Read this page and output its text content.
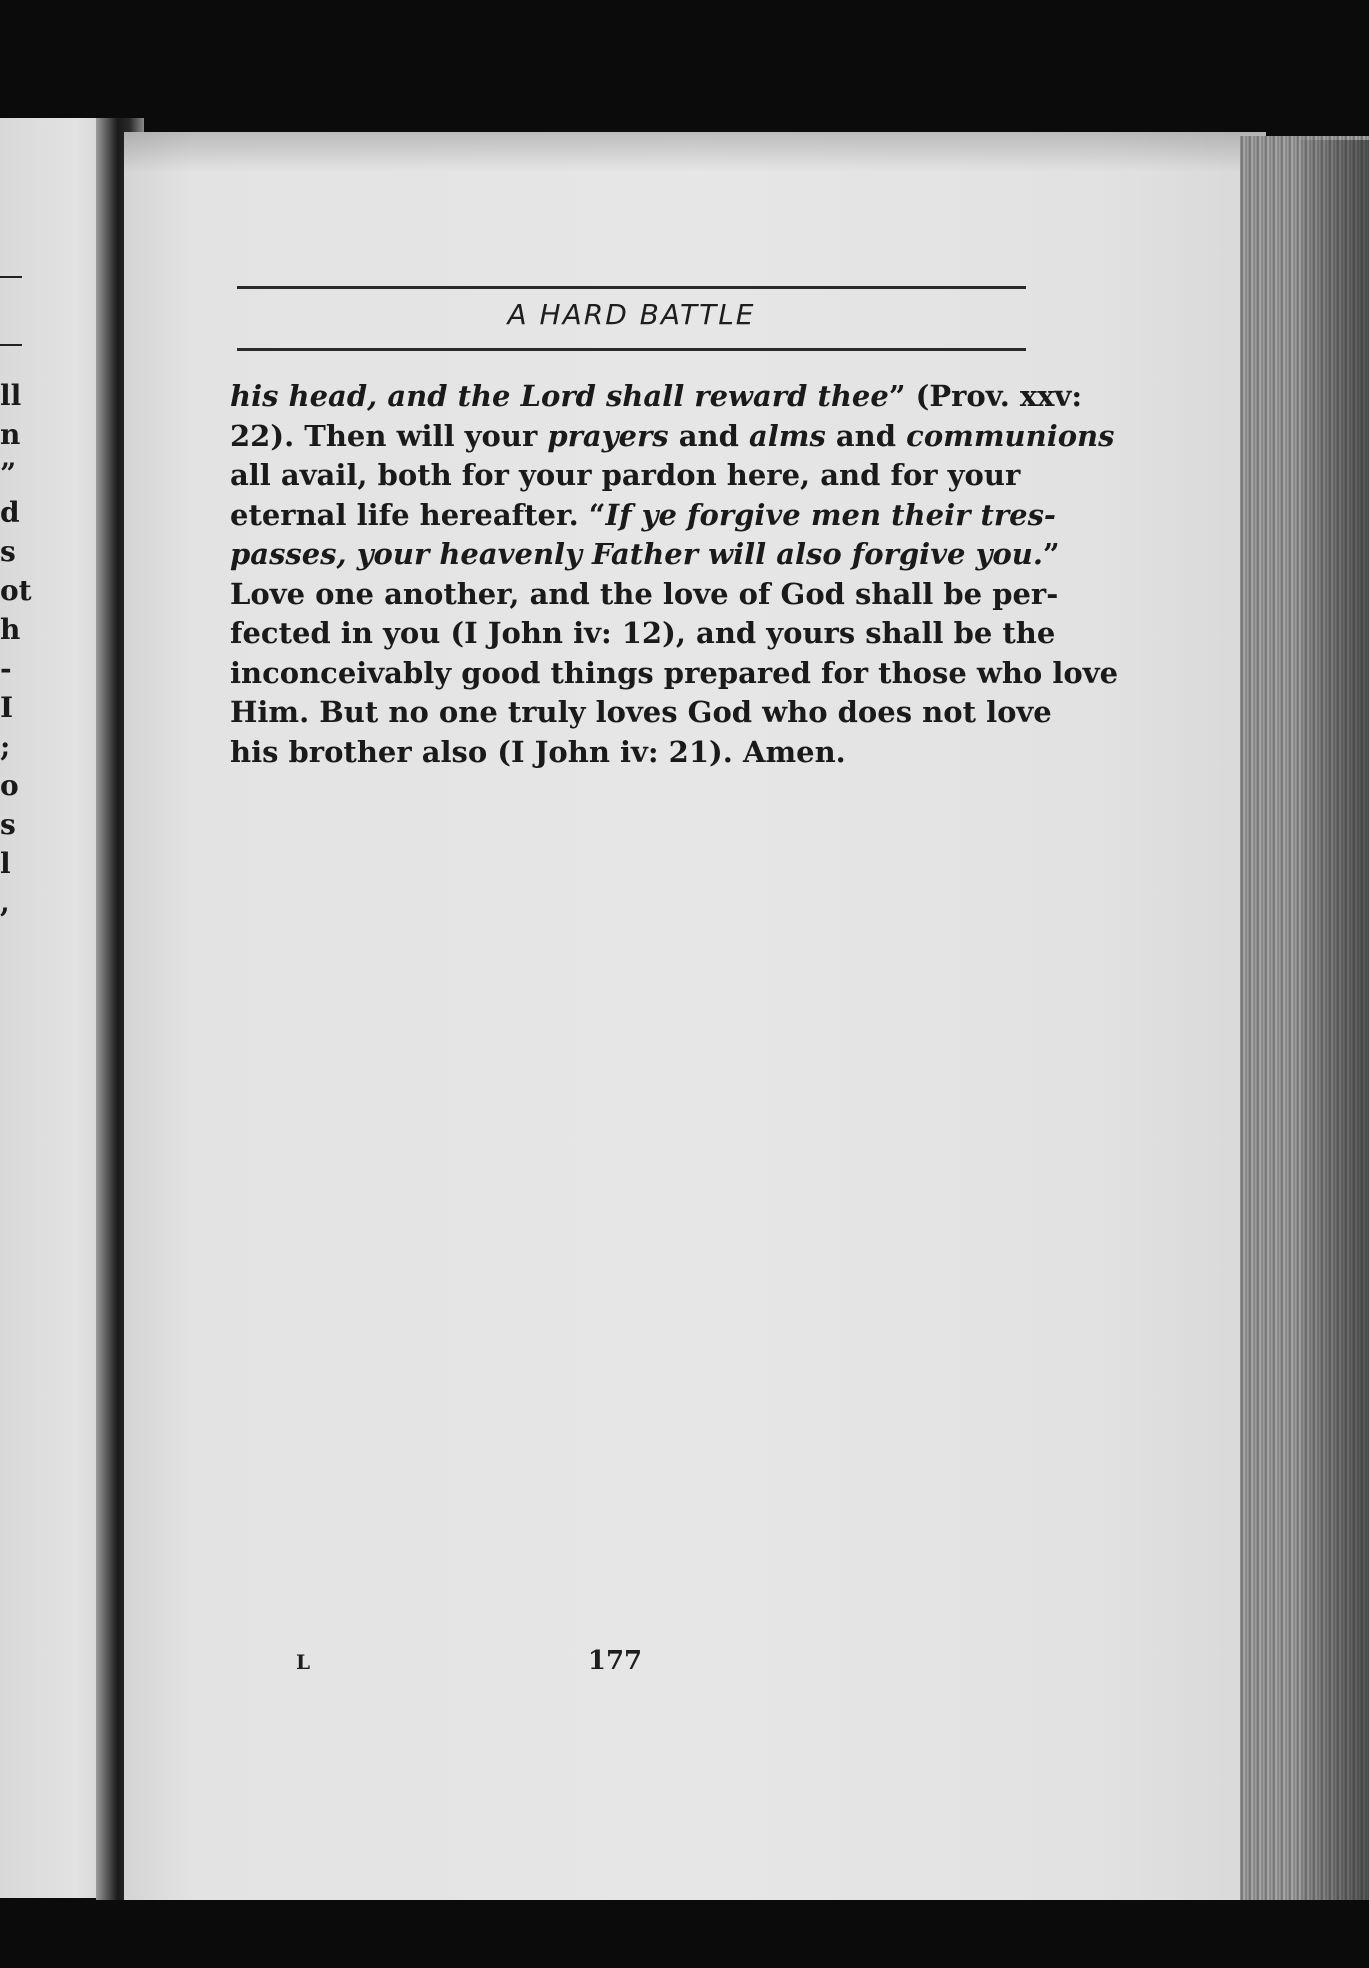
ll
n
”
d
s
ot
h
-
I
;
o
s
l
,
A HARD BATTLE
his head, and the Lord shall reward thee” (Prov. xxv:
22). Then will your prayers and alms and communions
all avail, both for your pardon here, and for your
eternal life hereafter. “If ye forgive men their tres-
passes, your heavenly Father will also forgive you.”
Love one another, and the love of God shall be per-
fected in you (I John iv: 12), and yours shall be the
inconceivably good things prepared for those who love
Him. But no one truly loves God who does not love
his brother also (I John iv: 21). Amen.
L	177
